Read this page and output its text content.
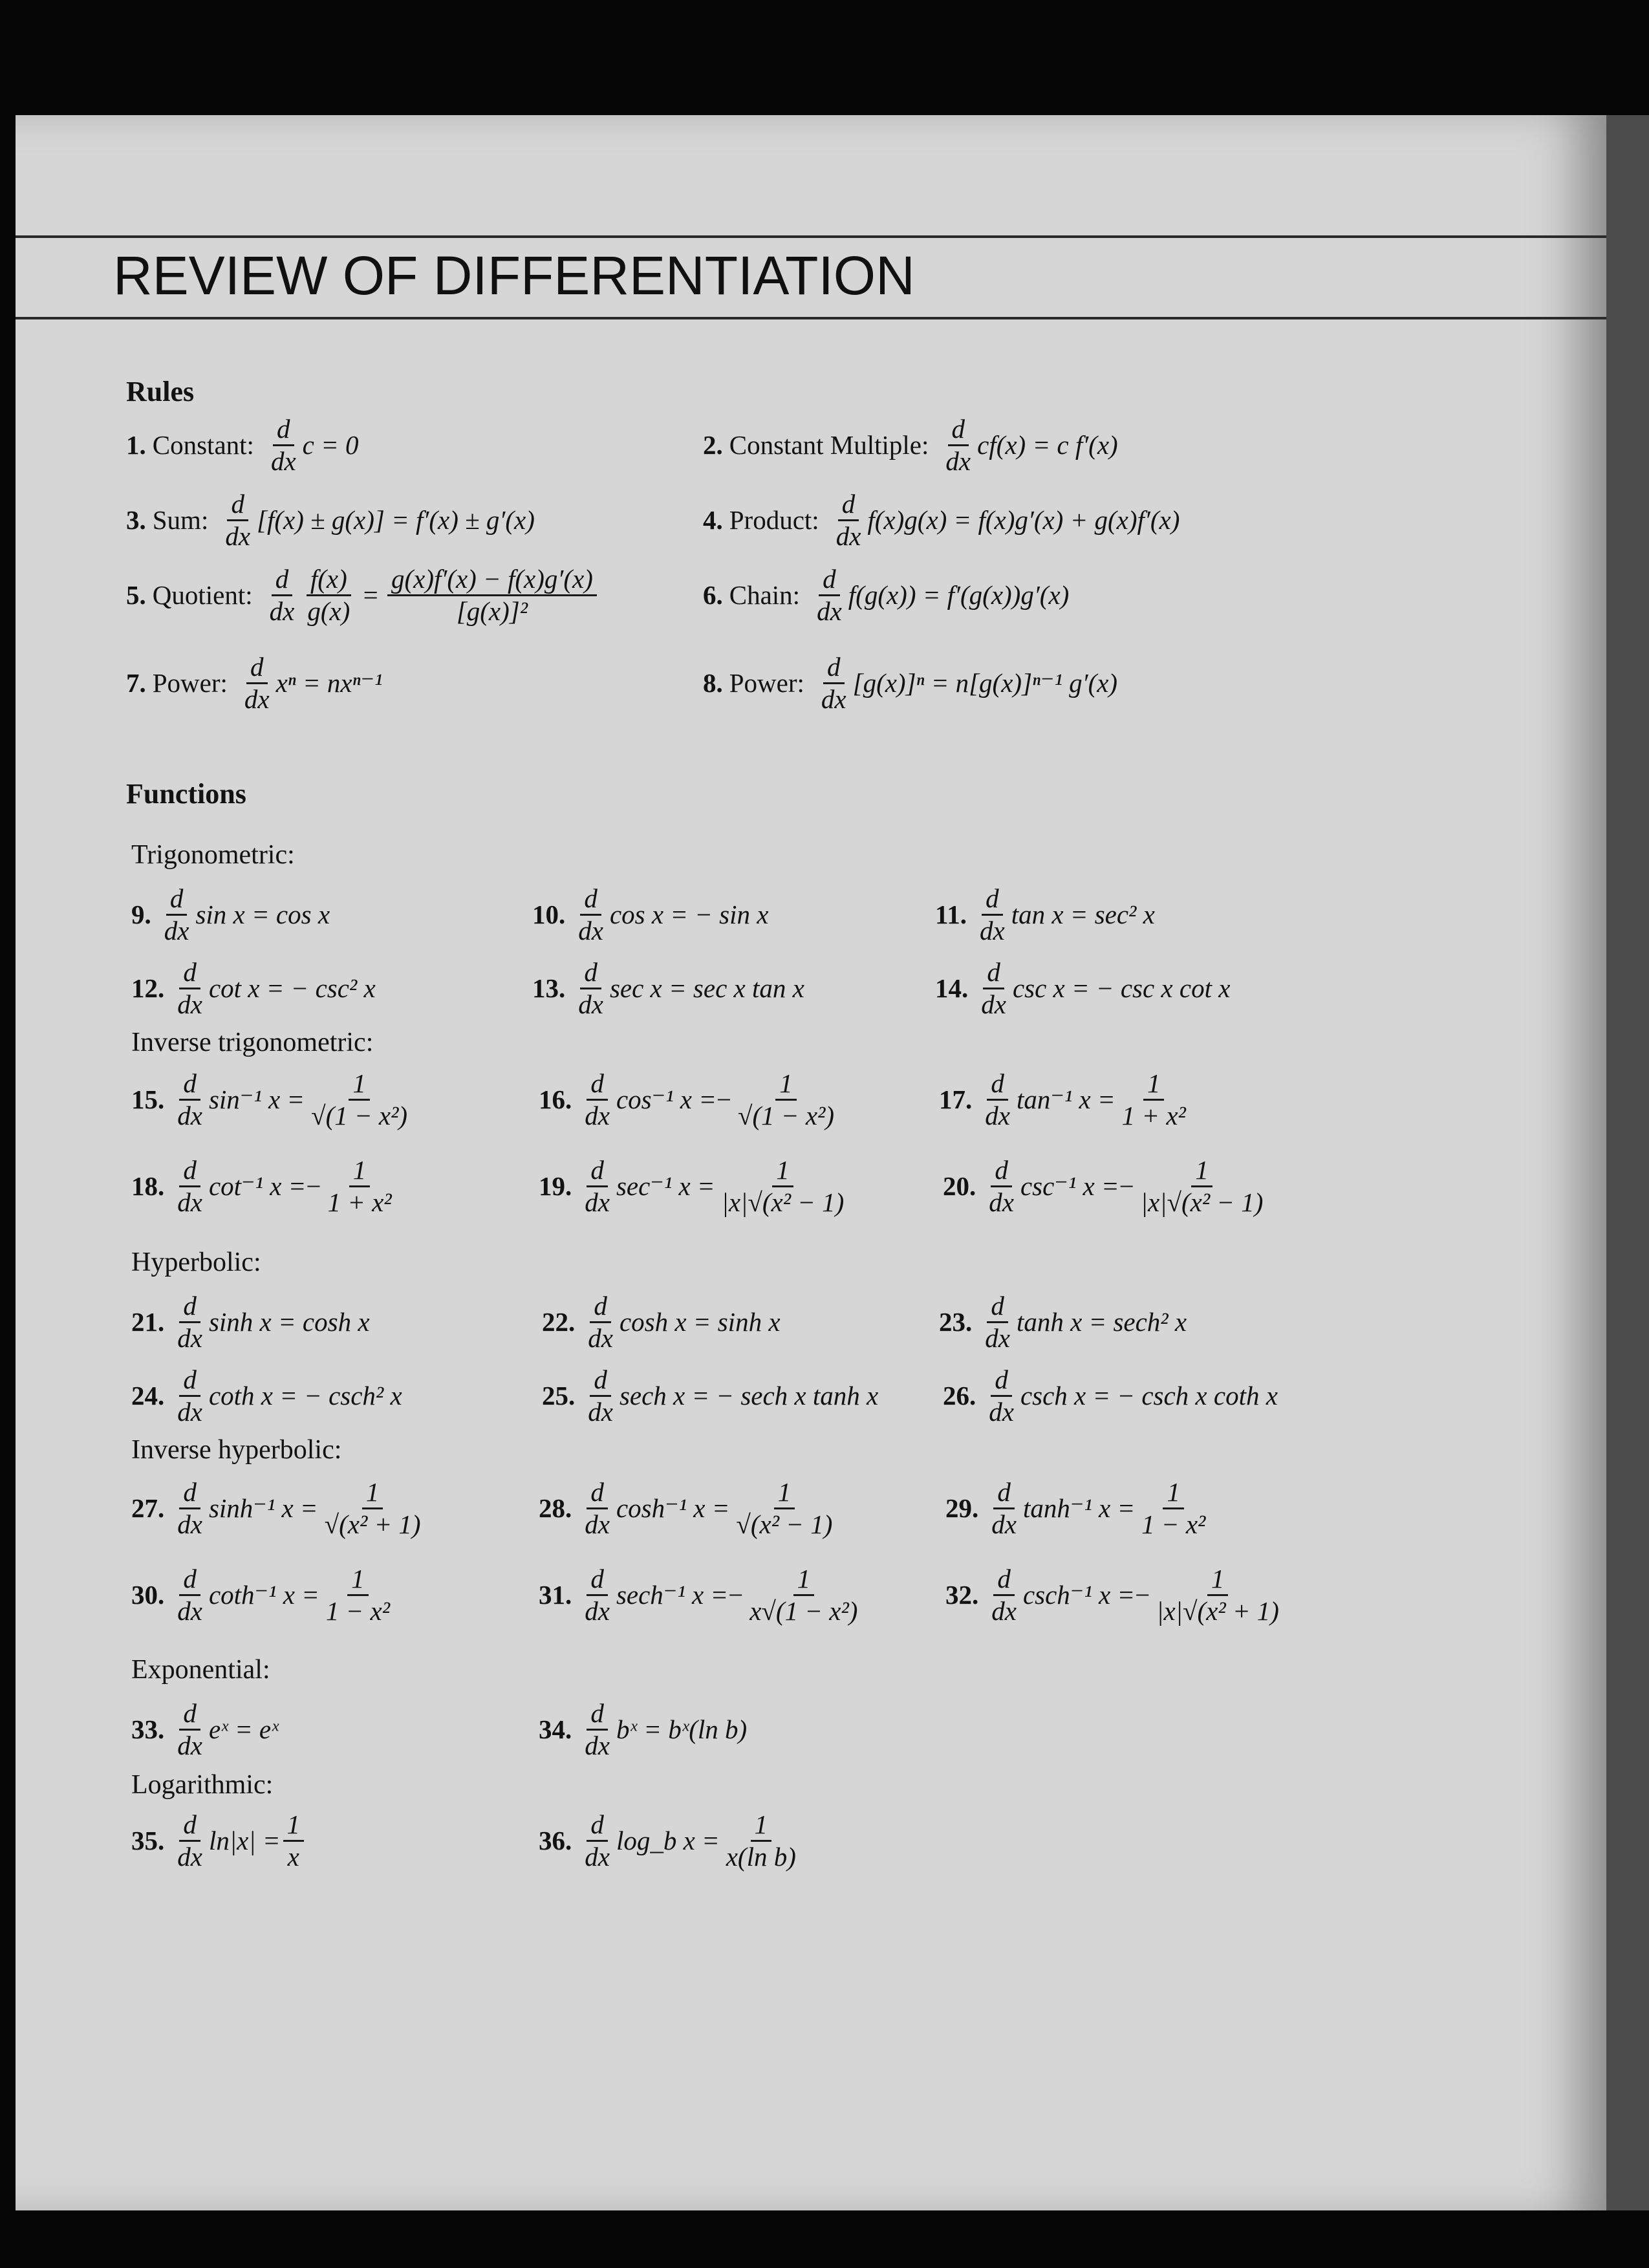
REVIEW OF DIFFERENTIATION
Rules
1. Constant: $\frac{d}{dx}$ c = 0	2. Constant Multiple: $\frac{d}{dx} cf(x) = c$ f′(x)
3. Sum: $\frac{d}{dx} [f(x) \pm g(x)] = f'(x) \pm g'(x)$	4. Product: $\frac{d}{dx} f(x)g(x) = f(x)g'(x) + g(x)f'(x)$
5. Quotient: $\frac{d}{dx} \frac{f(x)}{g(x)} = \frac{g(x)f'(x) - f(x)g'(x)}{\text{[g(x)]²}}$	6. Chain: $\frac{d}{dx} f(g(x)) = f'(g(x))g'(x)$
7. Power: $\frac{d}{dx}$ xⁿ = nxⁿ⁻¹	8. Power: $\frac{d}{dx} [g(x)]^n = n[g(x)]^{n-1}$ g′(x)
Functions
Trigonometric:
Inverse trigonometric:
Hyperbolic:
Inverse hyperbolic:
Exponential:
Logarithmic:
9. $\frac{d}{dx}$ sin x = cos x	10. $\frac{d}{dx}$ cos x = − sin x	11. $\frac{d}{dx}$ tan x = sec² x
12. $\frac{d}{dx}$ cot x = − csc² x	13. $\frac{d}{dx}$ sec x = sec x tan x	14. $\frac{d}{dx}$ csc x = − csc x cot x
15. $\frac{d}{dx} \sin^{-1}$ $x = \frac{1}{\text{√(1 − x²)}}$	16. $\frac{d}{dx} \cos^{-1}$ x = − $\frac{1}{\text{√(1 − x²)}}$	17. $\frac{d}{dx} \tan^{-1}$ $x = \frac{1}{\text{1 + x²}}$
18. $\frac{d}{dx} \cot^{-1}$ x = − $\frac{1}{\text{1 + x²}}$	19. $\frac{d}{dx} \sec^{-1}$ $x = \frac{1}{\text{|x|√(x² − 1)}}$	20. $\frac{d}{dx} \csc^{-1}$ x = − $\frac{1}{\text{|x|√(x² − 1)}}$
21. $\frac{d}{dx}$ sinh x = cosh x	22. $\frac{d}{dx}$ cosh x = sinh x	23. $\frac{d}{dx}$ tanh x = sech² x
24. $\frac{d}{dx}$ coth x = − csch² x	25. $\frac{d}{dx}$ sech x = − sech x tanh x 26. $\frac{d}{dx}$ csch x = − csch x coth x
27. $\frac{d}{dx} \sinh^{-1}$ $x = \frac{1}{\text{√(x² + 1)}}$	28. $\frac{d}{dx} \cosh^{-1}$ $x = \frac{1}{\text{√(x² − 1)}}$	29. $\frac{d}{dx} \tanh^{-1}$ $x = \frac{1}{\text{1 − x²}}$
30. $\frac{d}{dx} \cot h^{-1}$ $x = \frac{1}{\text{1 − x²}}$	31. $\frac{d}{dx} \sec h^{-1}$ x = − $\frac{1}{\text{x√(1 − x²)}}$	32. $\frac{d}{dx} \csc h^{-1}$ x = − $\frac{1}{\text{|x|√(x² + 1)}}$
33. $\frac{d}{dx}$ eˣ = eˣ	34. $\frac{d}{dx}$ bˣ = bˣ(ln b)
35. $\frac{d}{dx} \ln|x| = \frac{1}{x}$	36. $\frac{d}{dx}$ log_b $x = \frac{1}{\text{x(ln b)}}$
